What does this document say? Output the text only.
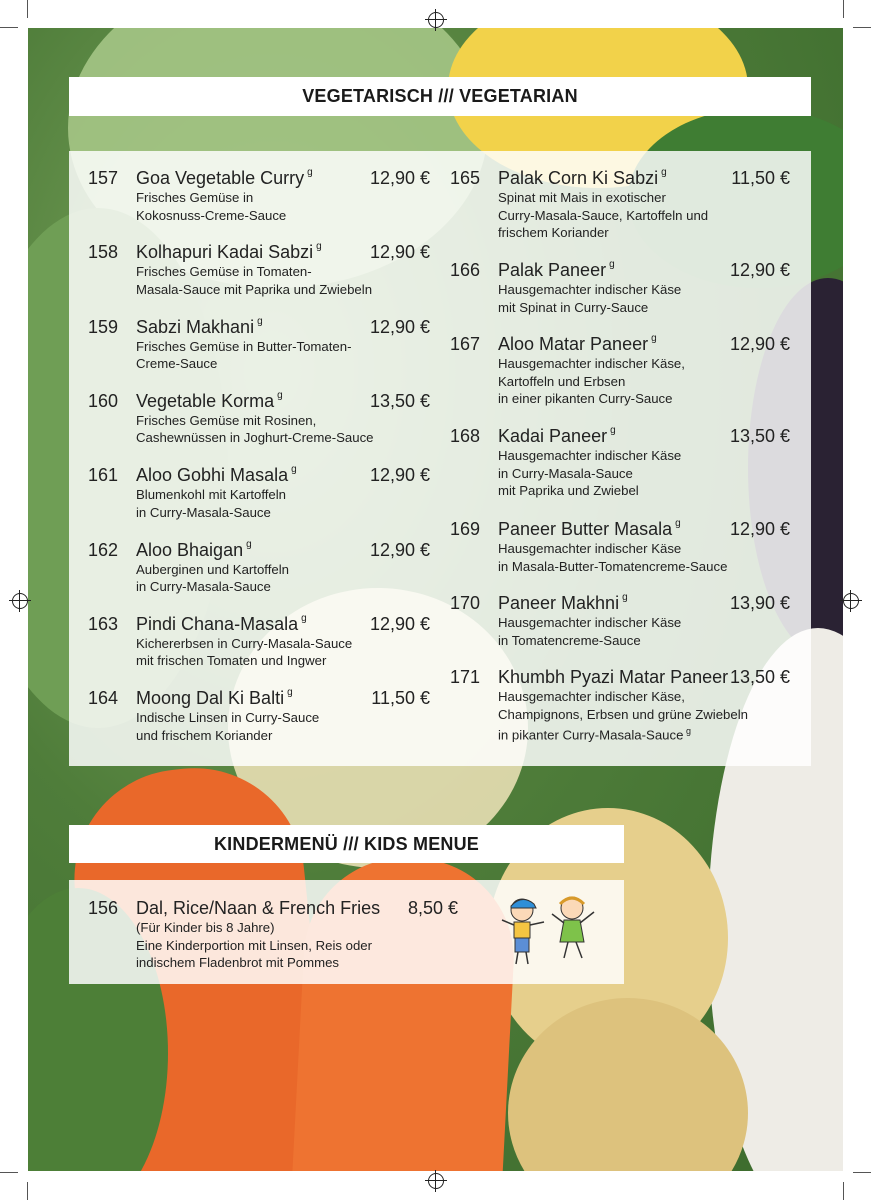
VEGETARISCH /// VEGETARIAN
157 Goa Vegetable Curry $^g$	12,90 €
Frisches Gemüse in
Kokosnuss-Creme-Sauce
158 Kolhapuri Kadai Sabzi $^g$	12,90 €
Frisches Gemüse in Tomaten-
Masala-Sauce mit Paprika und Zwiebeln
159 Sabzi Makhani $^g$	12,90 €
Frisches Gemüse in Butter-Tomaten-
Creme-Sauce
160 Vegetable Korma $^g$	13,50 €
Frisches Gemüse mit Rosinen,
Cashewnüssen in Joghurt-Creme-Sauce
161 Aloo Gobhi Masala $^g$	12,90 €
Blumenkohl mit Kartoffeln
in Curry-Masala-Sauce
162 Aloo Bhaigan $^g$	12,90 €
Auberginen und Kartoffeln
in Curry-Masala-Sauce
163 Pindi Chana-Masala $^g$	12,90 €
Kichererbsen in Curry-Masala-Sauce
mit frischen Tomaten und Ingwer
164 Moong Dal Ki Balti $^g$	11,50 €
Indische Linsen in Curry-Sauce
und frischem Koriander
165 Palak Corn Ki Sabzi $^g$	11,50 €
Spinat mit Mais in exotischer
Curry-Masala-Sauce, Kartoffeln und
frischem Koriander
166 Palak Paneer $^g$	12,90 €
Hausgemachter indischer Käse
mit Spinat in Curry-Sauce
167 Aloo Matar Paneer $^g$	12,90 €
Hausgemachter indischer Käse,
Kartoffeln und Erbsen
in einer pikanten Curry-Sauce
168 Kadai Paneer $^g$	13,50 €
Hausgemachter indischer Käse
in Curry-Masala-Sauce
mit Paprika und Zwiebel
169 Paneer Butter Masala $^g$	12,90 €
Hausgemachter indischer Käse
in Masala-Butter-Tomatencreme-Sauce
170 Paneer Makhni $^g$	13,90 €
Hausgemachter indischer Käse
in Tomatencreme-Sauce
171 Khumbh Pyazi Matar Paneer 13,50 €
Hausgemachter indischer Käse,
Champignons, Erbsen und grüne Zwiebeln
in pikanter Curry-Masala-Sauce $^g$
KINDERMENÜ /// KIDS MENUE
156 Dal, Rice/Naan & French Fries 8,50 €
(Für Kinder bis 8 Jahre)
Eine Kinderportion mit Linsen, Reis oder
indischem Fladenbrot mit Pommes
